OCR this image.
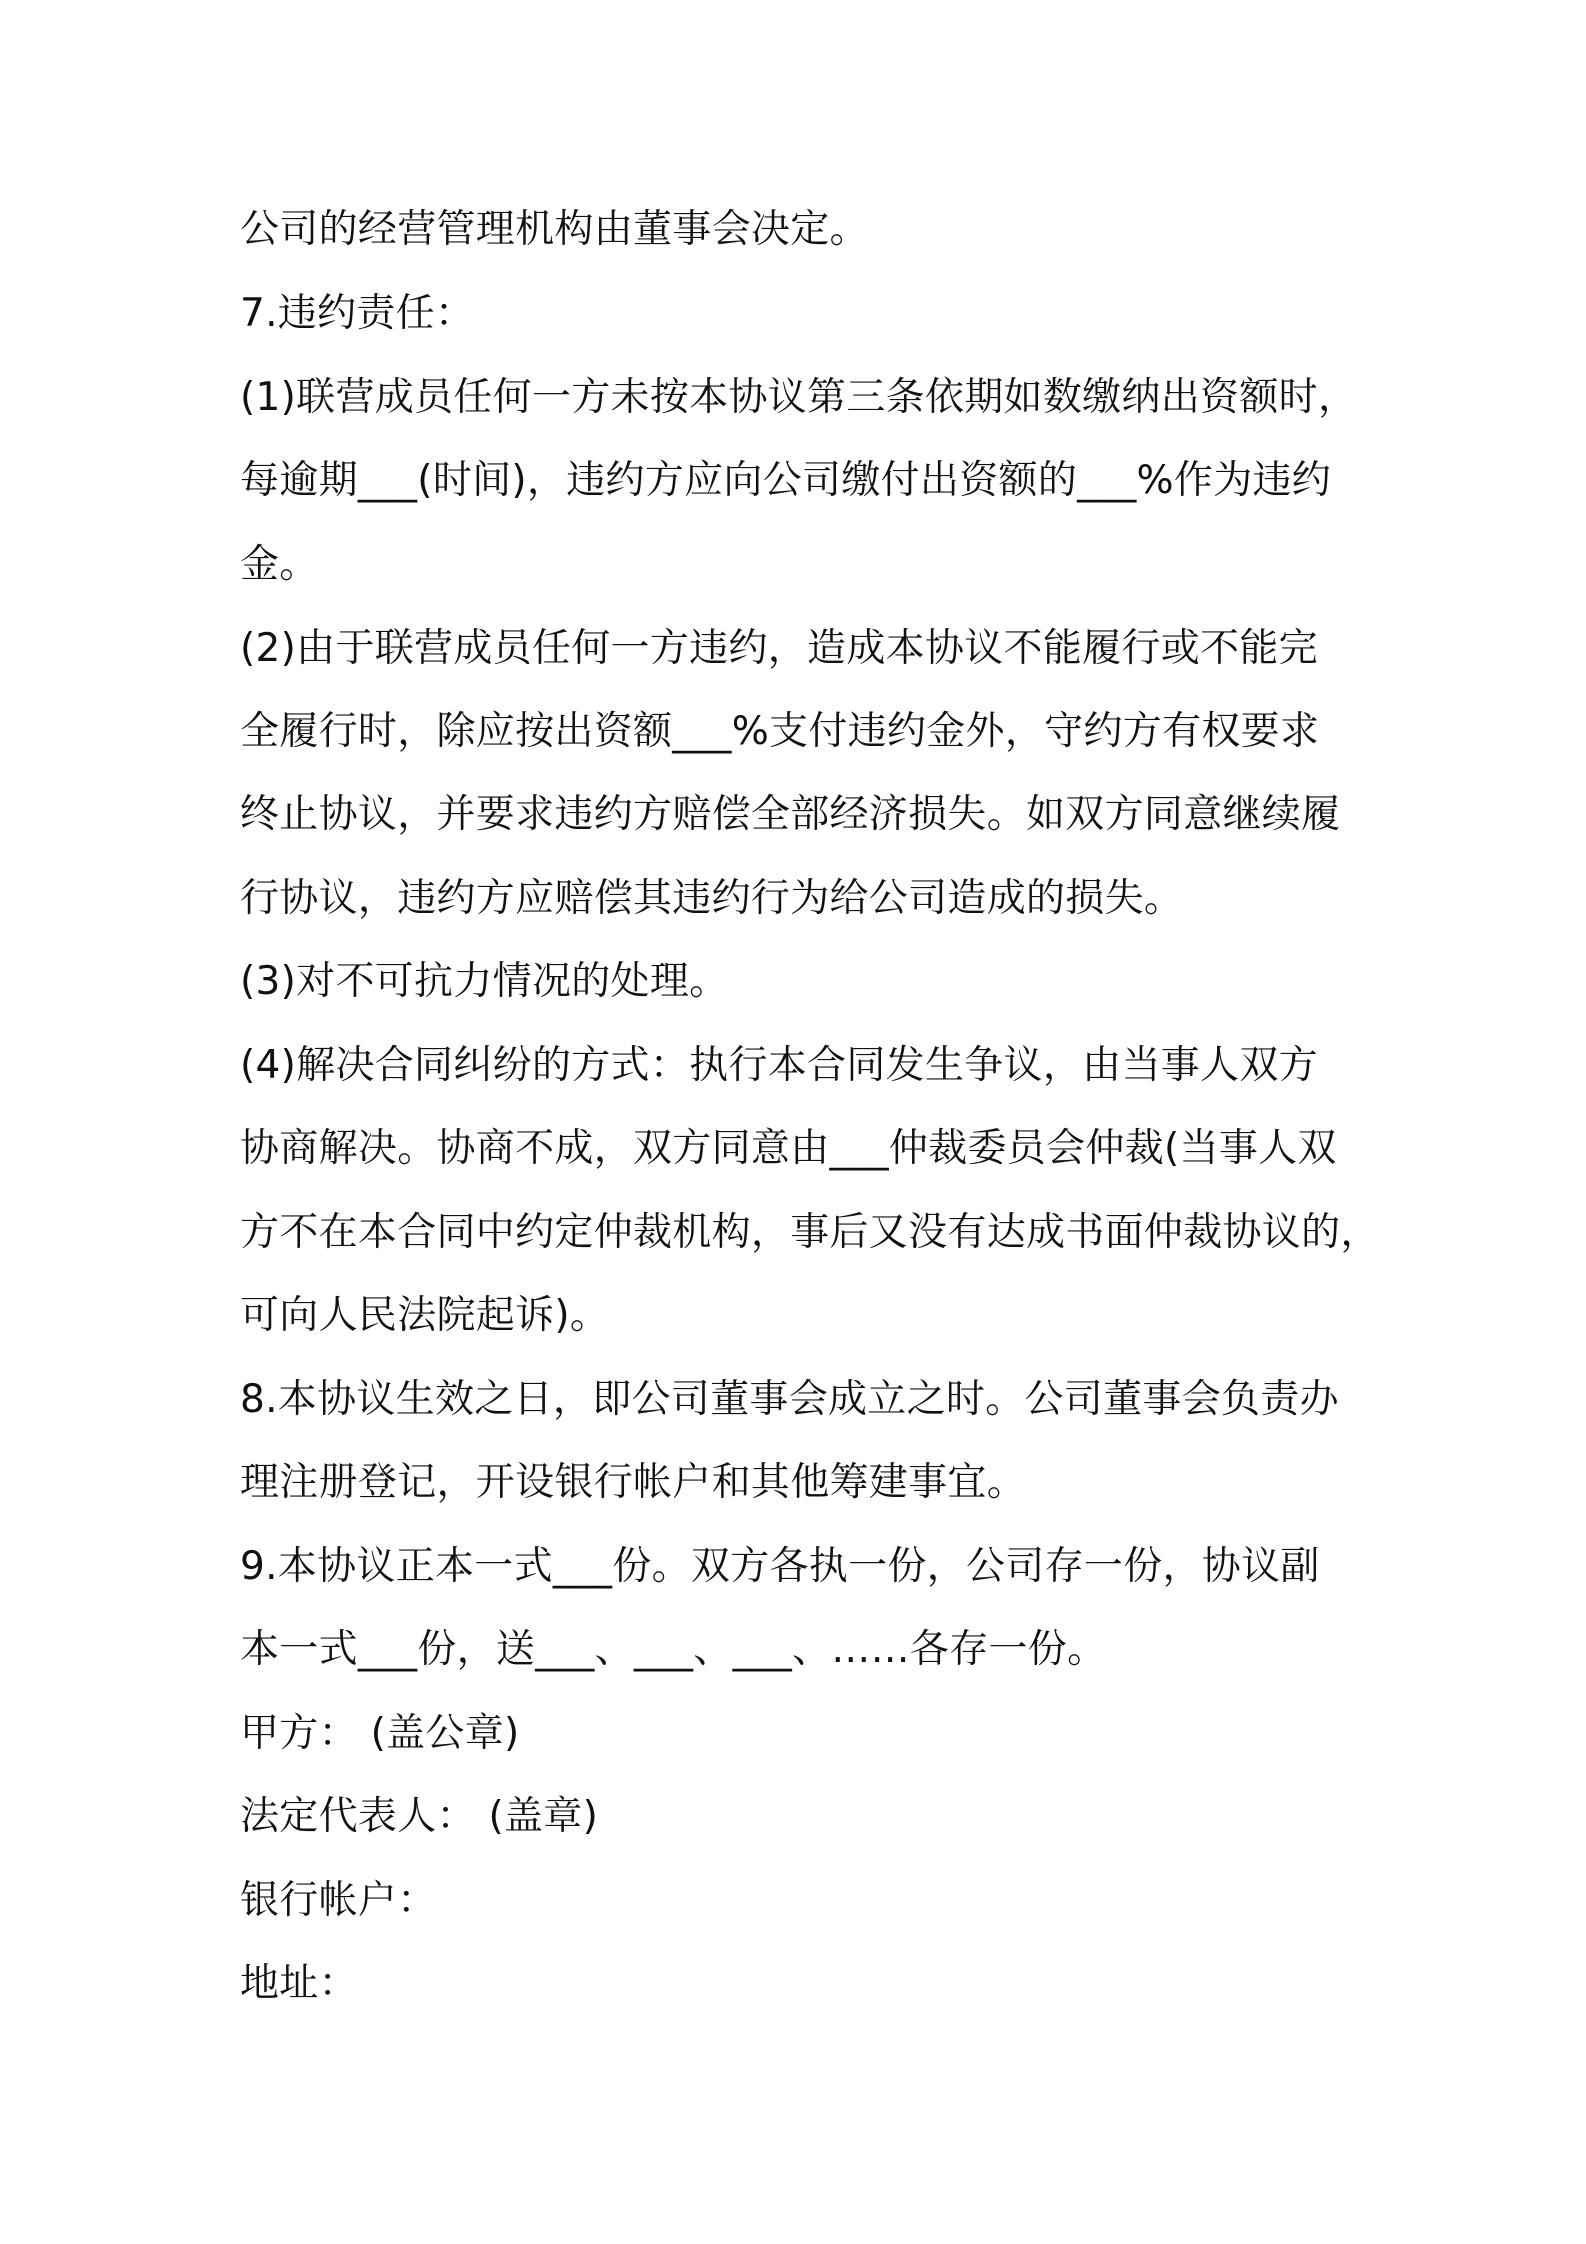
公司的经营管理机构由董事会决定。
7.违约责任：
(1)联营成员任何一方未按本协议第三条依期如数缴纳出资额时，
每逾期___(时间)，违约方应向公司缴付出资额的___%作为违约
金。
(2)由于联营成员任何一方违约，造成本协议不能履行或不能完
全履行时，除应按出资额___%支付违约金外，守约方有权要求
终止协议，并要求违约方赔偿全部经济损失。如双方同意继续履
行协议，违约方应赔偿其违约行为给公司造成的损失。
(3)对不可抗力情况的处理。
(4)解决合同纠纷的方式：执行本合同发生争议，由当事人双方
协商解决。协商不成，双方同意由___仲裁委员会仲裁(当事人双
方不在本合同中约定仲裁机构，事后又没有达成书面仲裁协议的，
可向人民法院起诉)。
8.本协议生效之日，即公司董事会成立之时。公司董事会负责办
理注册登记，开设银行帐户和其他筹建事宜。
9.本协议正本一式___份。双方各执一份，公司存一份，协议副
本一式___份，送___、___、___、……各存一份。
甲方： (盖公章)
法定代表人： (盖章)
银行帐户：
地址：
